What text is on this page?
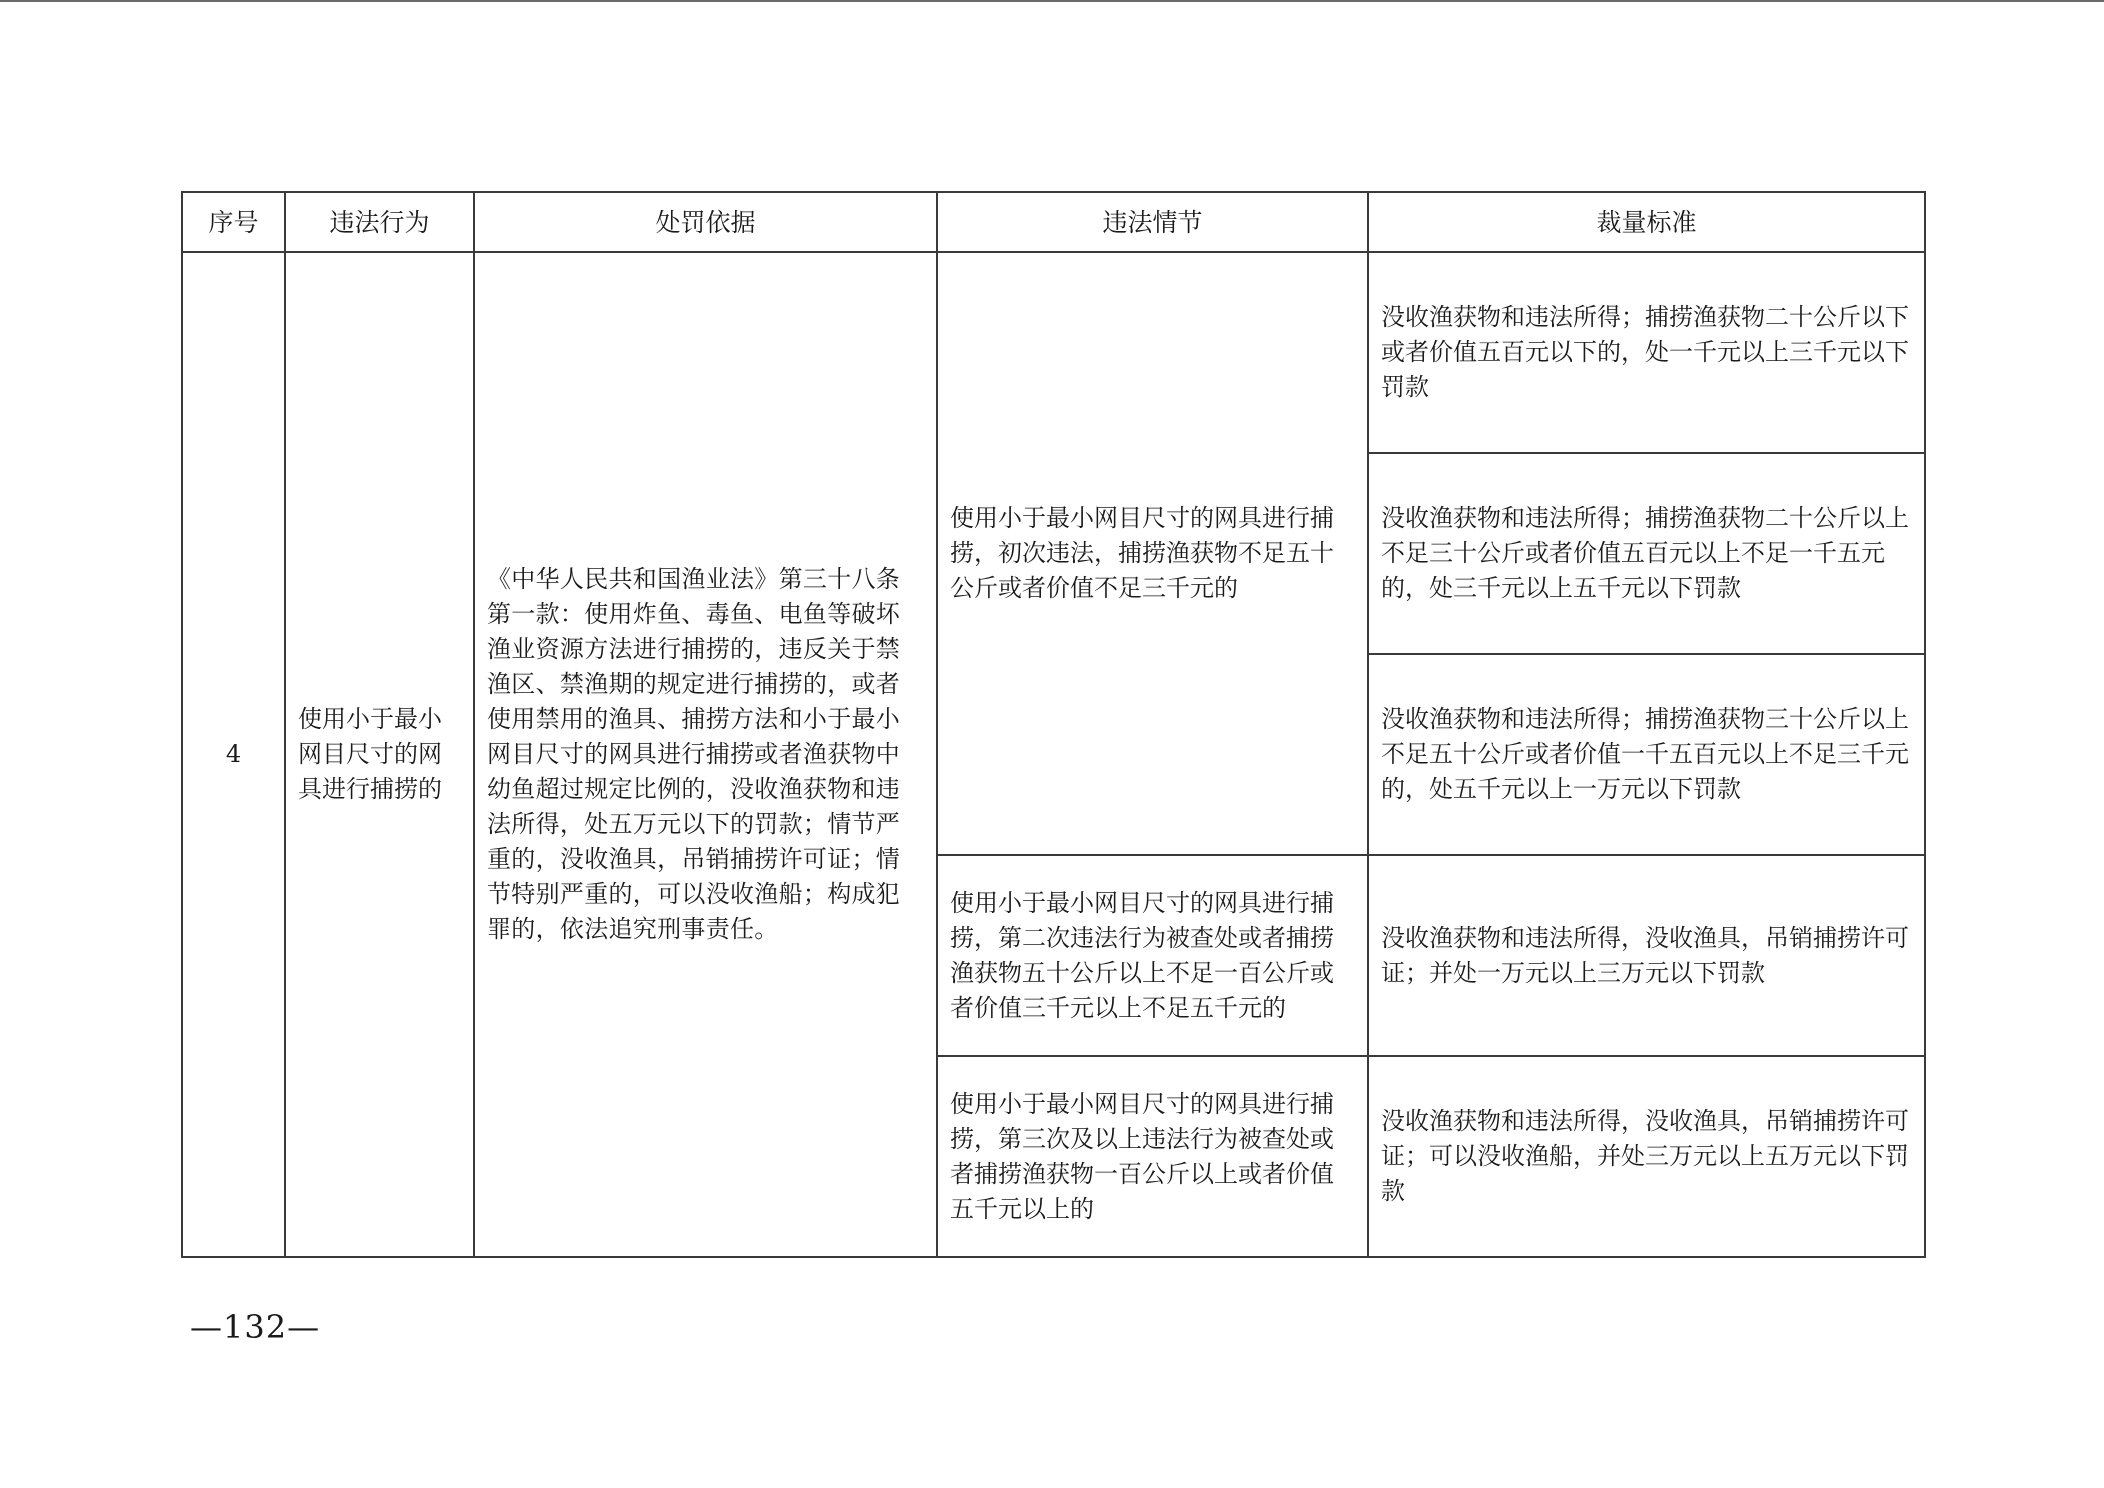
序号	违法行为	处罚依据	违法情节	裁量标准
4	使用小于最小网目尺寸的网具进行捕捞的	《中华人民共和国渔业法》第三十八条第一款：使用炸鱼、毒鱼、电鱼等破坏渔业资源方法进行捕捞的，违反关于禁渔区、禁渔期的规定进行捕捞的，或者使用禁用的渔具、捕捞方法和小于最小网目尺寸的网具进行捕捞或者渔获物中幼鱼超过规定比例的，没收渔获物和违法所得，处五万元以下的罚款；情节严重的，没收渔具，吊销捕捞许可证；情节特别严重的，可以没收渔船；构成犯罪的，依法追究刑事责任。	使用小于最小网目尺寸的网具进行捕捞，初次违法，捕捞渔获物不足五十公斤或者价值不足三千元的	没收渔获物和违法所得；捕捞渔获物二十公斤以下或者价值五百元以下的，处一千元以上三千元以下罚款
				没收渔获物和违法所得；捕捞渔获物二十公斤以上不足三十公斤或者价值五百元以上不足一千五元的，处三千元以上五千元以下罚款
				没收渔获物和违法所得；捕捞渔获物三十公斤以上不足五十公斤或者价值一千五百元以上不足三千元的，处五千元以上一万元以下罚款
			使用小于最小网目尺寸的网具进行捕捞，第二次违法行为被查处或者捕捞渔获物五十公斤以上不足一百公斤或者价值三千元以上不足五千元的	没收渔获物和违法所得，没收渔具，吊销捕捞许可证；并处一万元以上三万元以下罚款
			使用小于最小网目尺寸的网具进行捕捞，第三次及以上违法行为被查处或者捕捞渔获物一百公斤以上或者价值五千元以上的	没收渔获物和违法所得，没收渔具，吊销捕捞许可证；可以没收渔船，并处三万元以上五万元以下罚款
—132—
